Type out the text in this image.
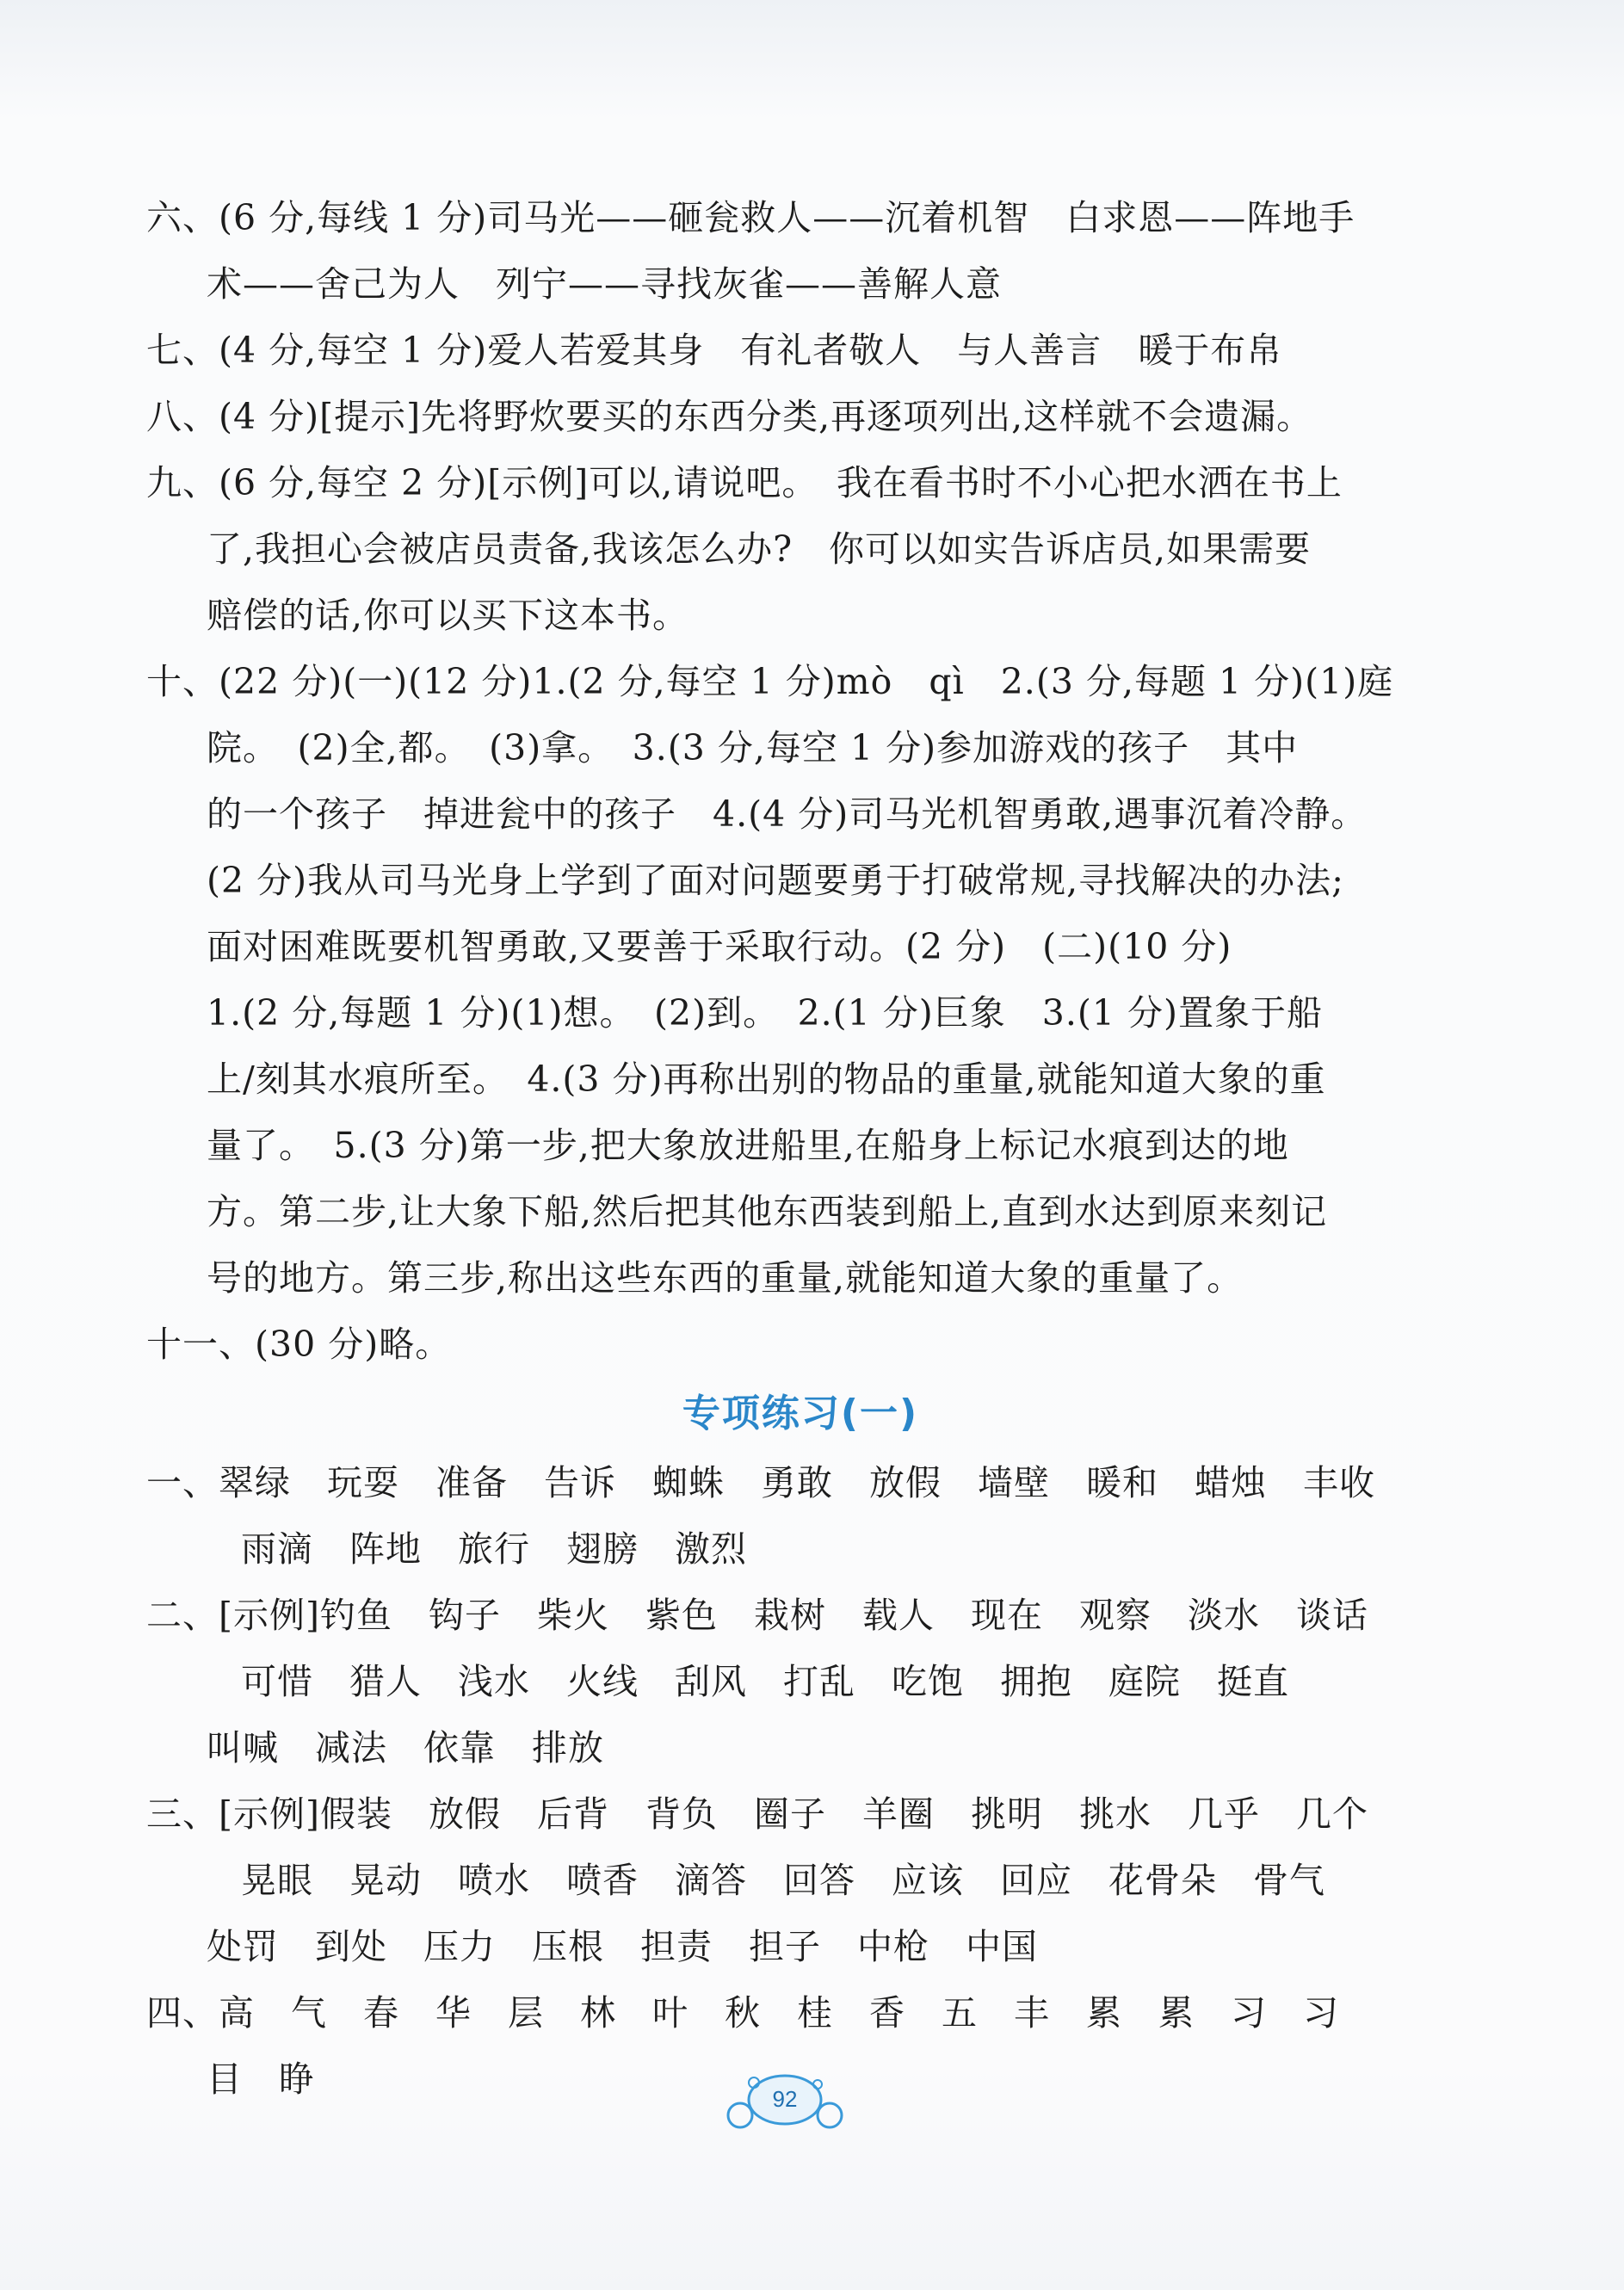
六、(6 分,每线 1 分)司马光——砸瓮救人——沉着机智　白求恩——阵地手
术——舍己为人　列宁——寻找灰雀——善解人意
七、(4 分,每空 1 分)爱人若爱其身　有礼者敬人　与人善言　暖于布帛
八、(4 分)[提示]先将野炊要买的东西分类,再逐项列出,这样就不会遗漏。
九、(6 分,每空 2 分)[示例]可以,请说吧。　我在看书时不小心把水洒在书上
了,我担心会被店员责备,我该怎么办?　你可以如实告诉店员,如果需要
赔偿的话,你可以买下这本书。
十、(22 分)(一)(12 分)1.(2 分,每空 1 分)mò　qì　2.(3 分,每题 1 分)(1)庭
院。　(2)全,都。　(3)拿。　3.(3 分,每空 1 分)参加游戏的孩子　其中
的一个孩子　掉进瓮中的孩子　4.(4 分)司马光机智勇敢,遇事沉着冷静。
(2 分)我从司马光身上学到了面对问题要勇于打破常规,寻找解决的办法;
面对困难既要机智勇敢,又要善于采取行动。(2 分)　(二)(10 分)
1.(2 分,每题 1 分)(1)想。　(2)到。　2.(1 分)巨象　3.(1 分)置象于船
上/刻其水痕所至。　4.(3 分)再称出别的物品的重量,就能知道大象的重
量了。　5.(3 分)第一步,把大象放进船里,在船身上标记水痕到达的地
方。第二步,让大象下船,然后把其他东西装到船上,直到水达到原来刻记
号的地方。第三步,称出这些东西的重量,就能知道大象的重量了。
十一、(30 分)略。
专项练习(一)
一、翠绿　玩耍　准备　告诉　蜘蛛　勇敢　放假　墙壁　暖和　蜡烛　丰收
雨滴　阵地　旅行　翅膀　激烈
二、[示例]钓鱼　钩子　柴火　紫色　栽树　载人　现在　观察　淡水　谈话
可惜　猎人　浅水　火线　刮风　打乱　吃饱　拥抱　庭院　挺直
叫喊　减法　依靠　排放
三、[示例]假装　放假　后背　背负　圈子　羊圈　挑明　挑水　几乎　几个
晃眼　晃动　喷水　喷香　滴答　回答　应该　回应　花骨朵　骨气
处罚　到处　压力　压根　担责　担子　中枪　中国
四、高　气　春　华　层　林　叶　秋　桂　香　五　丰　累　累　习　习
目　睁	92
